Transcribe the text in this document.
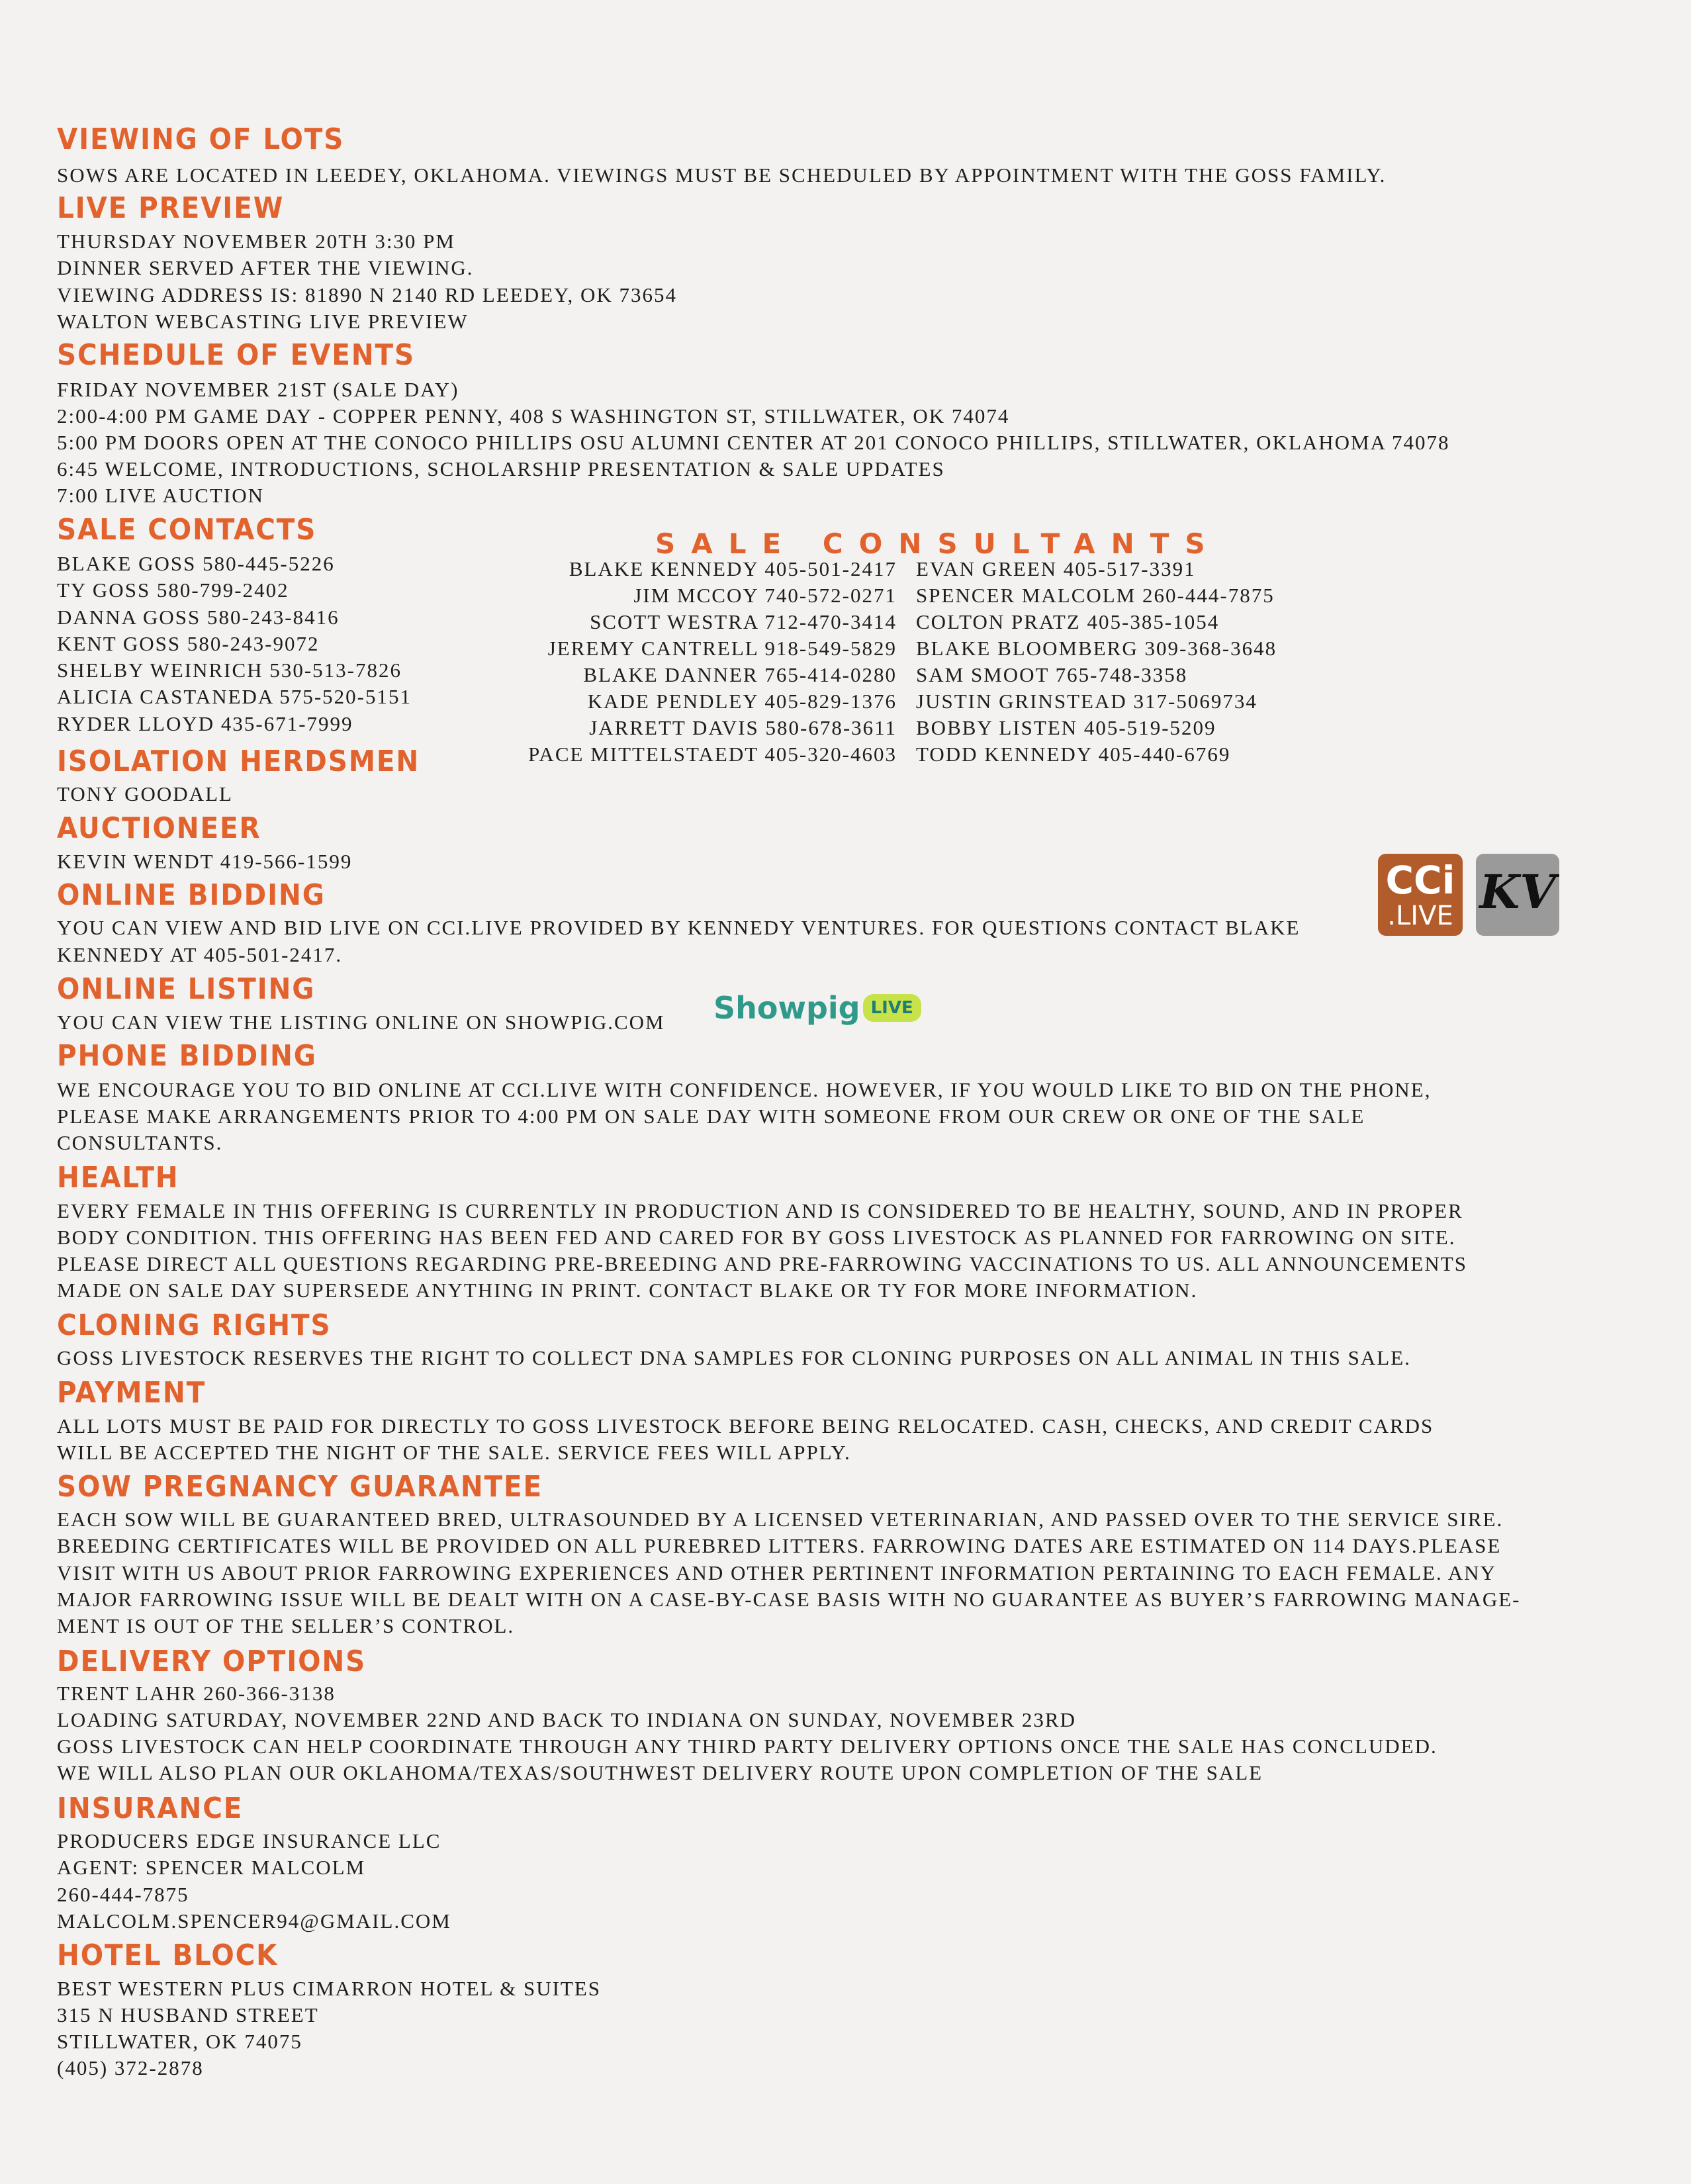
VIEWING OF LOTS
SOWS ARE LOCATED IN LEEDEY, OKLAHOMA. VIEWINGS MUST BE SCHEDULED BY APPOINTMENT WITH THE GOSS FAMILY.
LIVE PREVIEW
THURSDAY NOVEMBER 20TH 3:30 PM
DINNER SERVED AFTER THE VIEWING.
VIEWING ADDRESS IS: 81890 N 2140 RD LEEDEY, OK 73654
WALTON WEBCASTING LIVE PREVIEW
SCHEDULE OF EVENTS
FRIDAY NOVEMBER 21ST (SALE DAY)
2:00-4:00 PM GAME DAY - COPPER PENNY, 408 S WASHINGTON ST, STILLWATER, OK 74074
5:00 PM DOORS OPEN AT THE CONOCO PHILLIPS OSU ALUMNI CENTER AT 201 CONOCO PHILLIPS, STILLWATER, OKLAHOMA 74078
6:45 WELCOME, INTRODUCTIONS, SCHOLARSHIP PRESENTATION & SALE UPDATES
7:00 LIVE AUCTION
SALE CONTACTS
BLAKE GOSS 580-445-5226
TY GOSS 580-799-2402
DANNA GOSS 580-243-8416
KENT GOSS 580-243-9072
SHELBY WEINRICH 530-513-7826
ALICIA CASTANEDA 575-520-5151
RYDER LLOYD 435-671-7999
SALE CONSULTANTS
BLAKE KENNEDY 405-501-2417
JIM MCCOY 740-572-0271
SCOTT WESTRA 712-470-3414
JEREMY CANTRELL 918-549-5829
BLAKE DANNER 765-414-0280
KADE PENDLEY 405-829-1376
JARRETT DAVIS 580-678-3611
PACE MITTELSTAEDT 405-320-4603
EVAN GREEN 405-517-3391
SPENCER MALCOLM 260-444-7875
COLTON PRATZ 405-385-1054
BLAKE BLOOMBERG 309-368-3648
SAM SMOOT 765-748-3358
JUSTIN GRINSTEAD 317-5069734
BOBBY LISTEN 405-519-5209
TODD KENNEDY 405-440-6769
ISOLATION HERDSMEN
TONY GOODALL
AUCTIONEER
KEVIN WENDT 419-566-1599
ONLINE BIDDING
YOU CAN VIEW AND BID LIVE ON CCI.LIVE PROVIDED BY KENNEDY VENTURES. FOR QUESTIONS CONTACT BLAKE
KENNEDY AT 405-501-2417.
CCi
.LIVE KV
ONLINE LISTING
YOU CAN VIEW THE LISTING ONLINE ON SHOWPIG.COM Showpig LIVE
PHONE BIDDING
WE ENCOURAGE YOU TO BID ONLINE AT CCI.LIVE WITH CONFIDENCE. HOWEVER, IF YOU WOULD LIKE TO BID ON THE PHONE,
PLEASE MAKE ARRANGEMENTS PRIOR TO 4:00 PM ON SALE DAY WITH SOMEONE FROM OUR CREW OR ONE OF THE SALE
CONSULTANTS.
HEALTH
EVERY FEMALE IN THIS OFFERING IS CURRENTLY IN PRODUCTION AND IS CONSIDERED TO BE HEALTHY, SOUND, AND IN PROPER
BODY CONDITION. THIS OFFERING HAS BEEN FED AND CARED FOR BY GOSS LIVESTOCK AS PLANNED FOR FARROWING ON SITE.
PLEASE DIRECT ALL QUESTIONS REGARDING PRE-BREEDING AND PRE-FARROWING VACCINATIONS TO US. ALL ANNOUNCEMENTS
MADE ON SALE DAY SUPERSEDE ANYTHING IN PRINT. CONTACT BLAKE OR TY FOR MORE INFORMATION.
CLONING RIGHTS
GOSS LIVESTOCK RESERVES THE RIGHT TO COLLECT DNA SAMPLES FOR CLONING PURPOSES ON ALL ANIMAL IN THIS SALE.
PAYMENT
ALL LOTS MUST BE PAID FOR DIRECTLY TO GOSS LIVESTOCK BEFORE BEING RELOCATED. CASH, CHECKS, AND CREDIT CARDS
WILL BE ACCEPTED THE NIGHT OF THE SALE. SERVICE FEES WILL APPLY.
SOW PREGNANCY GUARANTEE
EACH SOW WILL BE GUARANTEED BRED, ULTRASOUNDED BY A LICENSED VETERINARIAN, AND PASSED OVER TO THE SERVICE SIRE.
BREEDING CERTIFICATES WILL BE PROVIDED ON ALL PUREBRED LITTERS. FARROWING DATES ARE ESTIMATED ON 114 DAYS.PLEASE
VISIT WITH US ABOUT PRIOR FARROWING EXPERIENCES AND OTHER PERTINENT INFORMATION PERTAINING TO EACH FEMALE. ANY
MAJOR FARROWING ISSUE WILL BE DEALT WITH ON A CASE-BY-CASE BASIS WITH NO GUARANTEE AS BUYER’S FARROWING MANAGE-
MENT IS OUT OF THE SELLER’S CONTROL.
DELIVERY OPTIONS
TRENT LAHR 260-366-3138
LOADING SATURDAY, NOVEMBER 22ND AND BACK TO INDIANA ON SUNDAY, NOVEMBER 23RD
GOSS LIVESTOCK CAN HELP COORDINATE THROUGH ANY THIRD PARTY DELIVERY OPTIONS ONCE THE SALE HAS CONCLUDED.
WE WILL ALSO PLAN OUR OKLAHOMA/TEXAS/SOUTHWEST DELIVERY ROUTE UPON COMPLETION OF THE SALE
INSURANCE
PRODUCERS EDGE INSURANCE LLC
AGENT: SPENCER MALCOLM
260-444-7875
MALCOLM.SPENCER94@GMAIL.COM
HOTEL BLOCK
BEST WESTERN PLUS CIMARRON HOTEL & SUITES
315 N HUSBAND STREET
STILLWATER, OK 74075
(405) 372-2878
